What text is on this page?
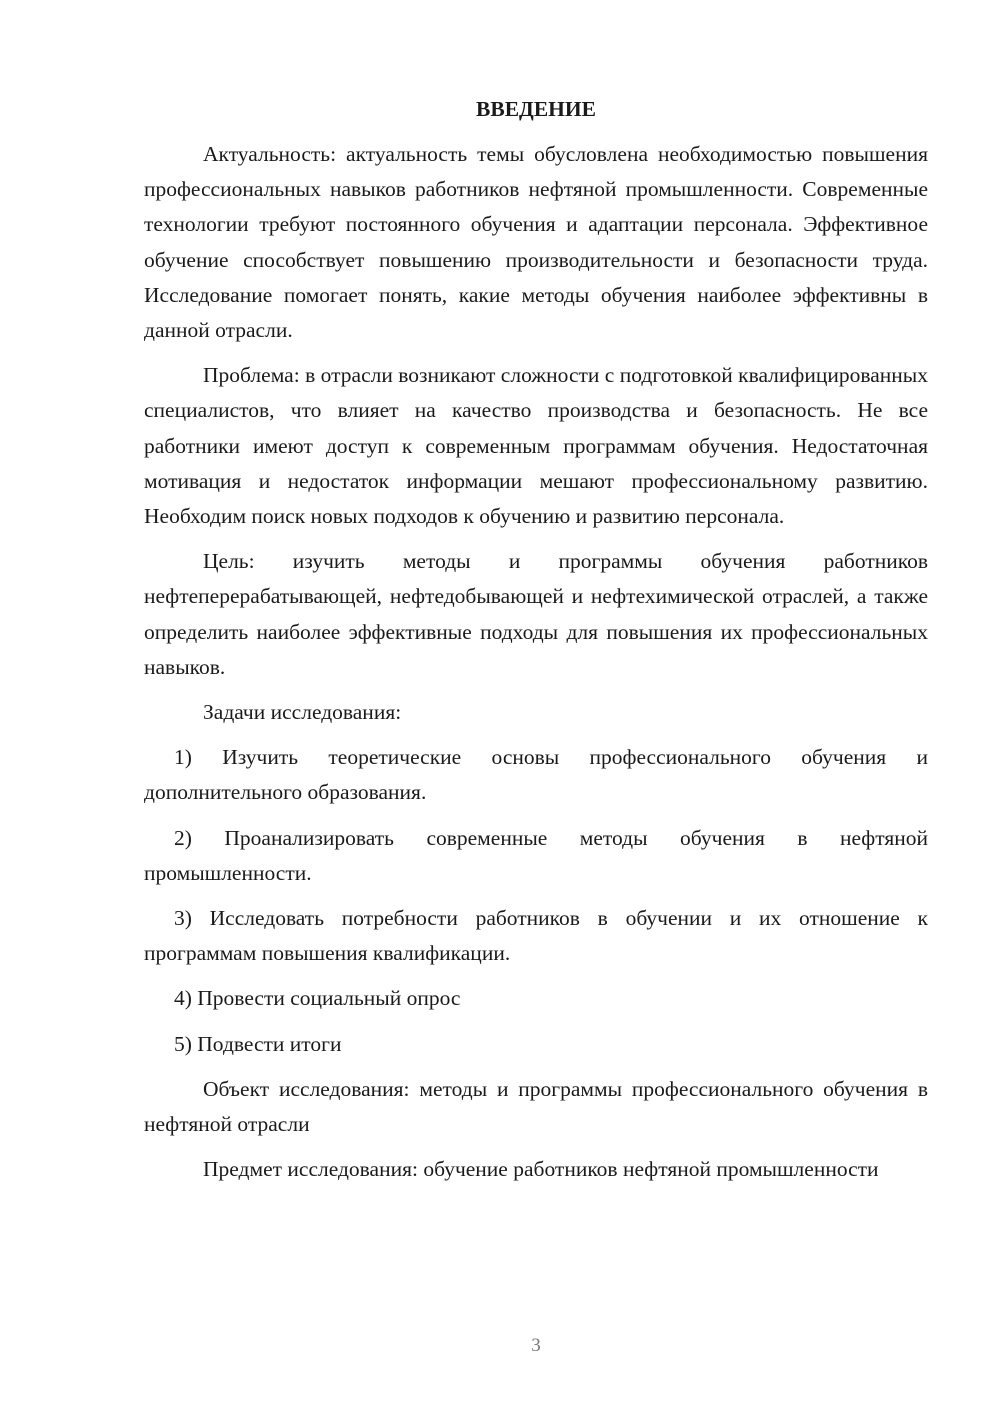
ВВЕДЕНИЕ
Актуальность: актуальность темы обусловлена необходимостью повышения профессиональных навыков работников нефтяной промышленности. Современные технологии требуют постоянного обучения и адаптации персонала. Эффективное обучение способствует повышению производительности и безопасности труда. Исследование помогает понять, какие методы обучения наиболее эффективны в данной отрасли.
Проблема: в отрасли возникают сложности с подготовкой квалифицированных специалистов, что влияет на качество производства и безопасность. Не все работники имеют доступ к современным программам обучения. Недостаточная мотивация и недостаток информации мешают профессиональному развитию. Необходим поиск новых подходов к обучению и развитию персонала.
Цель: изучить методы и программы обучения работников нефтеперерабатывающей, нефтедобывающей и нефтехимической отраслей, а также определить наиболее эффективные подходы для повышения их профессиональных навыков.
Задачи исследования:
1) Изучить теоретические основы профессионального обучения и дополнительного образования.
2) Проанализировать современные методы обучения в нефтяной промышленности.
3) Исследовать потребности работников в обучении и их отношение к программам повышения квалификации.
4) Провести социальный опрос
5) Подвести итоги
Объект исследования: методы и программы профессионального обучения в нефтяной отрасли
Предмет исследования: обучение работников нефтяной промышленности
3
